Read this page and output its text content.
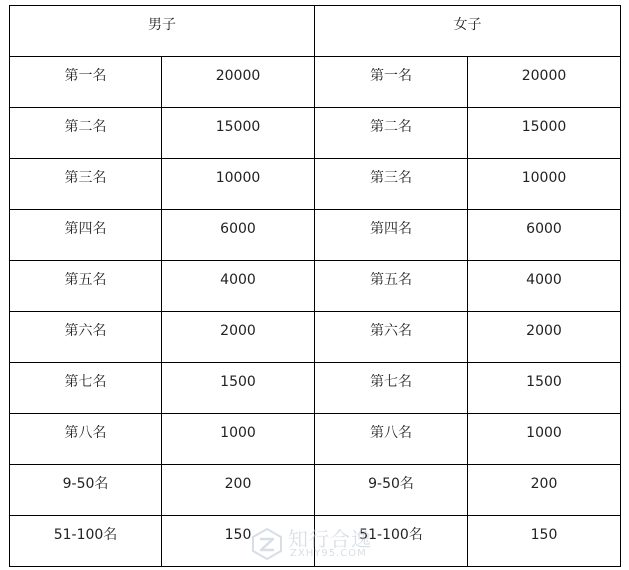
男子		女子	
第一名	20000	第一名	20000
第二名	15000	第二名	15000
第三名	10000	第三名	10000
第四名	6000	第四名	6000
第五名	4000	第五名	4000
第六名	2000	第六名	2000
第七名	1500	第七名	1500
第八名	1000	第八名	1000
9-50名	200	9-50名	200
51-100名	150	51-100名	150
知行合逸
ZXHY95.COM
